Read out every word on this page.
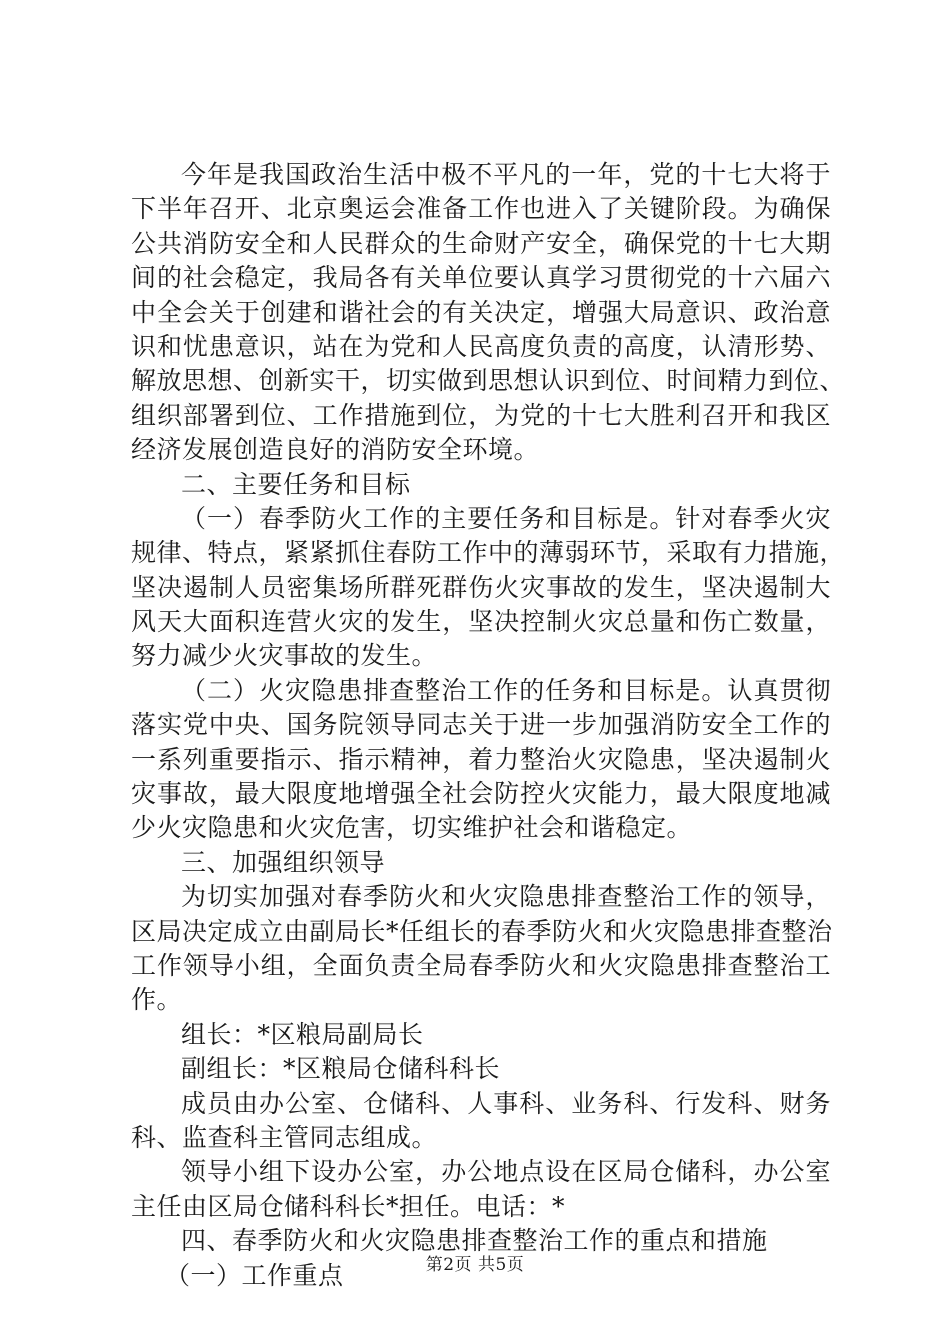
今年是我国政治生活中极不平凡的一年，党的十七大将于
下半年召开、北京奥运会准备工作也进入了关键阶段。为确保
公共消防安全和人民群众的生命财产安全，确保党的十七大期
间的社会稳定，我局各有关单位要认真学习贯彻党的十六届六
中全会关于创建和谐社会的有关决定，增强大局意识、政治意
识和忧患意识，站在为党和人民高度负责的高度，认清形势、
解放思想、创新实干，切实做到思想认识到位、时间精力到位、
组织部署到位、工作措施到位，为党的十七大胜利召开和我区
经济发展创造良好的消防安全环境。
二、主要任务和目标
（一）春季防火工作的主要任务和目标是。针对春季火灾
规律、特点，紧紧抓住春防工作中的薄弱环节，采取有力措施，
坚决遏制人员密集场所群死群伤火灾事故的发生，坚决遏制大
风天大面积连营火灾的发生，坚决控制火灾总量和伤亡数量，
努力减少火灾事故的发生。
（二）火灾隐患排查整治工作的任务和目标是。认真贯彻
落实党中央、国务院领导同志关于进一步加强消防安全工作的
一系列重要指示、指示精神，着力整治火灾隐患，坚决遏制火
灾事故，最大限度地增强全社会防控火灾能力，最大限度地减
少火灾隐患和火灾危害，切实维护社会和谐稳定。
三、加强组织领导
为切实加强对春季防火和火灾隐患排查整治工作的领导，
区局决定成立由副局长*任组长的春季防火和火灾隐患排查整治
工作领导小组，全面负责全局春季防火和火灾隐患排查整治工
作。
组长：*区粮局副局长
副组长：*区粮局仓储科科长
成员由办公室、仓储科、人事科、业务科、行发科、财务
科、监查科主管同志组成。
领导小组下设办公室，办公地点设在区局仓储科，办公室
主任由区局仓储科科长*担任。电话：*
四、春季防火和火灾隐患排查整治工作的重点和措施
（一）工作重点	第2页 共5页
